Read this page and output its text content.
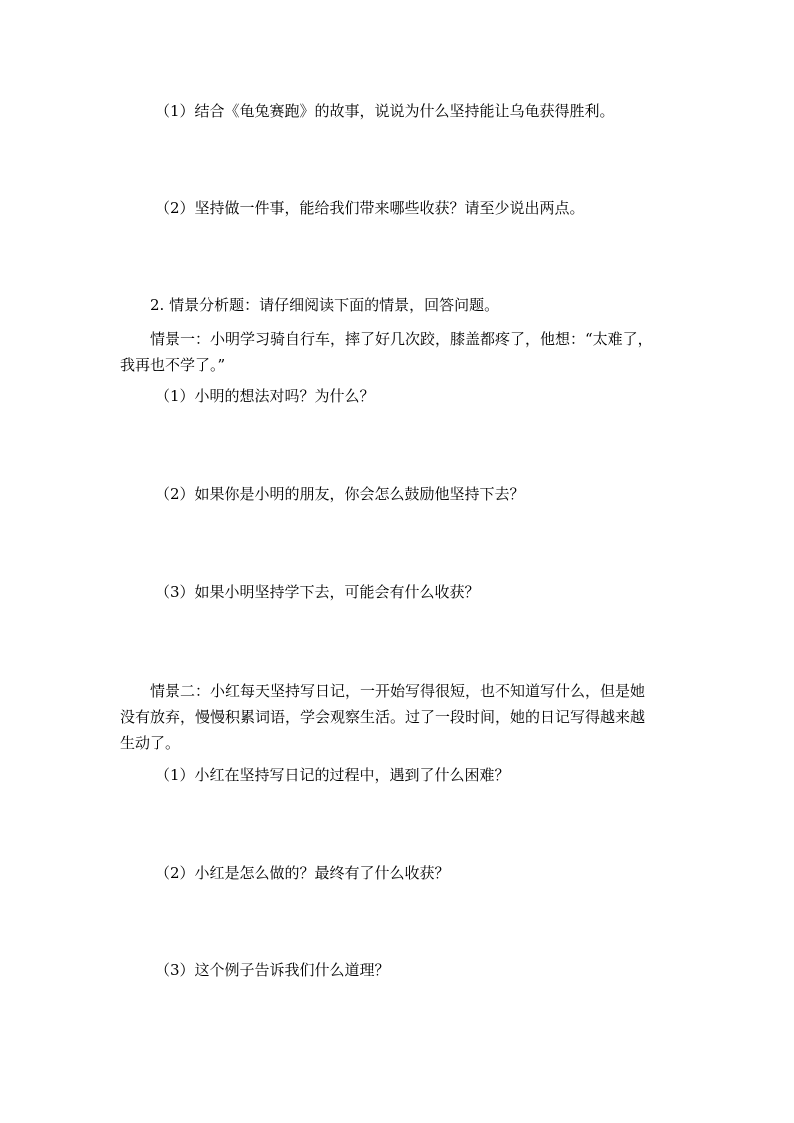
（1）结合《龟兔赛跑》的故事，说说为什么坚持能让乌龟获得胜利。
（2）坚持做一件事，能给我们带来哪些收获？请至少说出两点。
2. 情景分析题：请仔细阅读下面的情景，回答问题。
情景一：小明学习骑自行车，摔了好几次跤，膝盖都疼了，他想：“太难了，
我再也不学了。”
（1）小明的想法对吗？为什么？
（2）如果你是小明的朋友，你会怎么鼓励他坚持下去？
（3）如果小明坚持学下去，可能会有什么收获？
情景二：小红每天坚持写日记，一开始写得很短，也不知道写什么，但是她
没有放弃，慢慢积累词语，学会观察生活。过了一段时间，她的日记写得越来越
生动了。
（1）小红在坚持写日记的过程中，遇到了什么困难？
（2）小红是怎么做的？最终有了什么收获？
（3）这个例子告诉我们什么道理？
